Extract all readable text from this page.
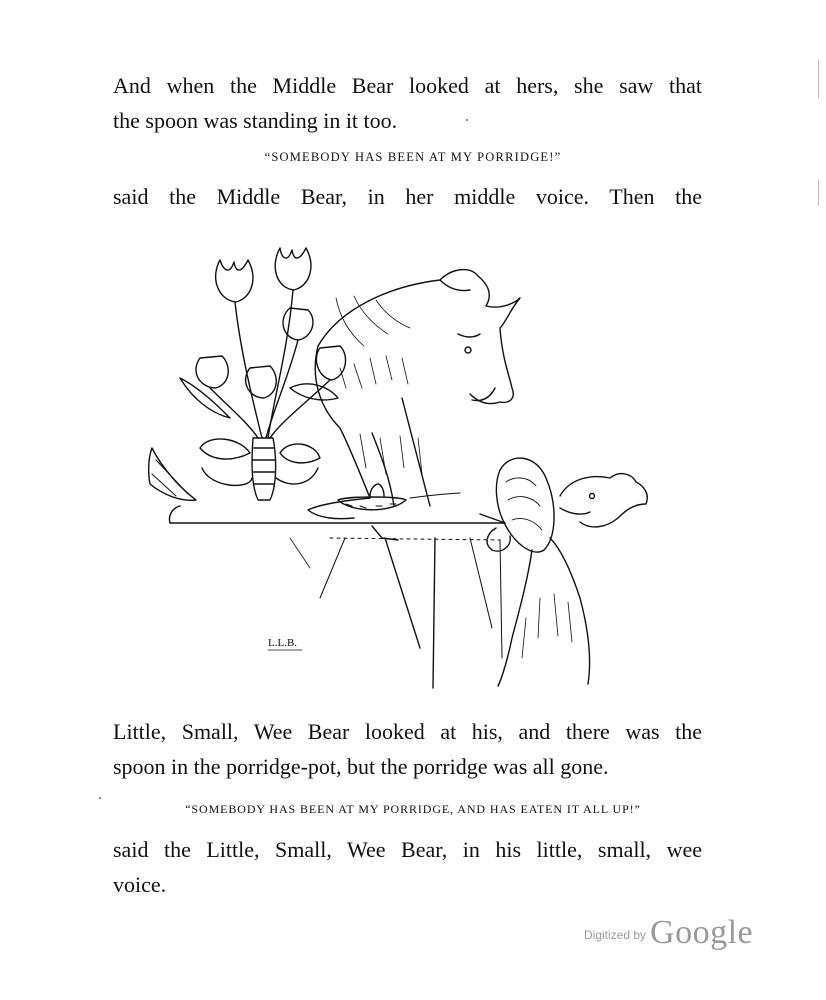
And when the Middle Bear looked at hers, she saw that
the spoon was standing in it too.
“SOMEBODY HAS BEEN AT MY PORRIDGE!”
said the Middle Bear, in her middle voice. Then the
L.L.B.
Little, Small, Wee Bear looked at his, and there was the
spoon in the porridge-pot, but the porridge was all gone.
“SOMEBODY HAS BEEN AT MY PORRIDGE, AND HAS EATEN IT ALL UP!”
said the Little, Small, Wee Bear, in his little, small, wee
voice.
$^{Digitized by}$ Google
